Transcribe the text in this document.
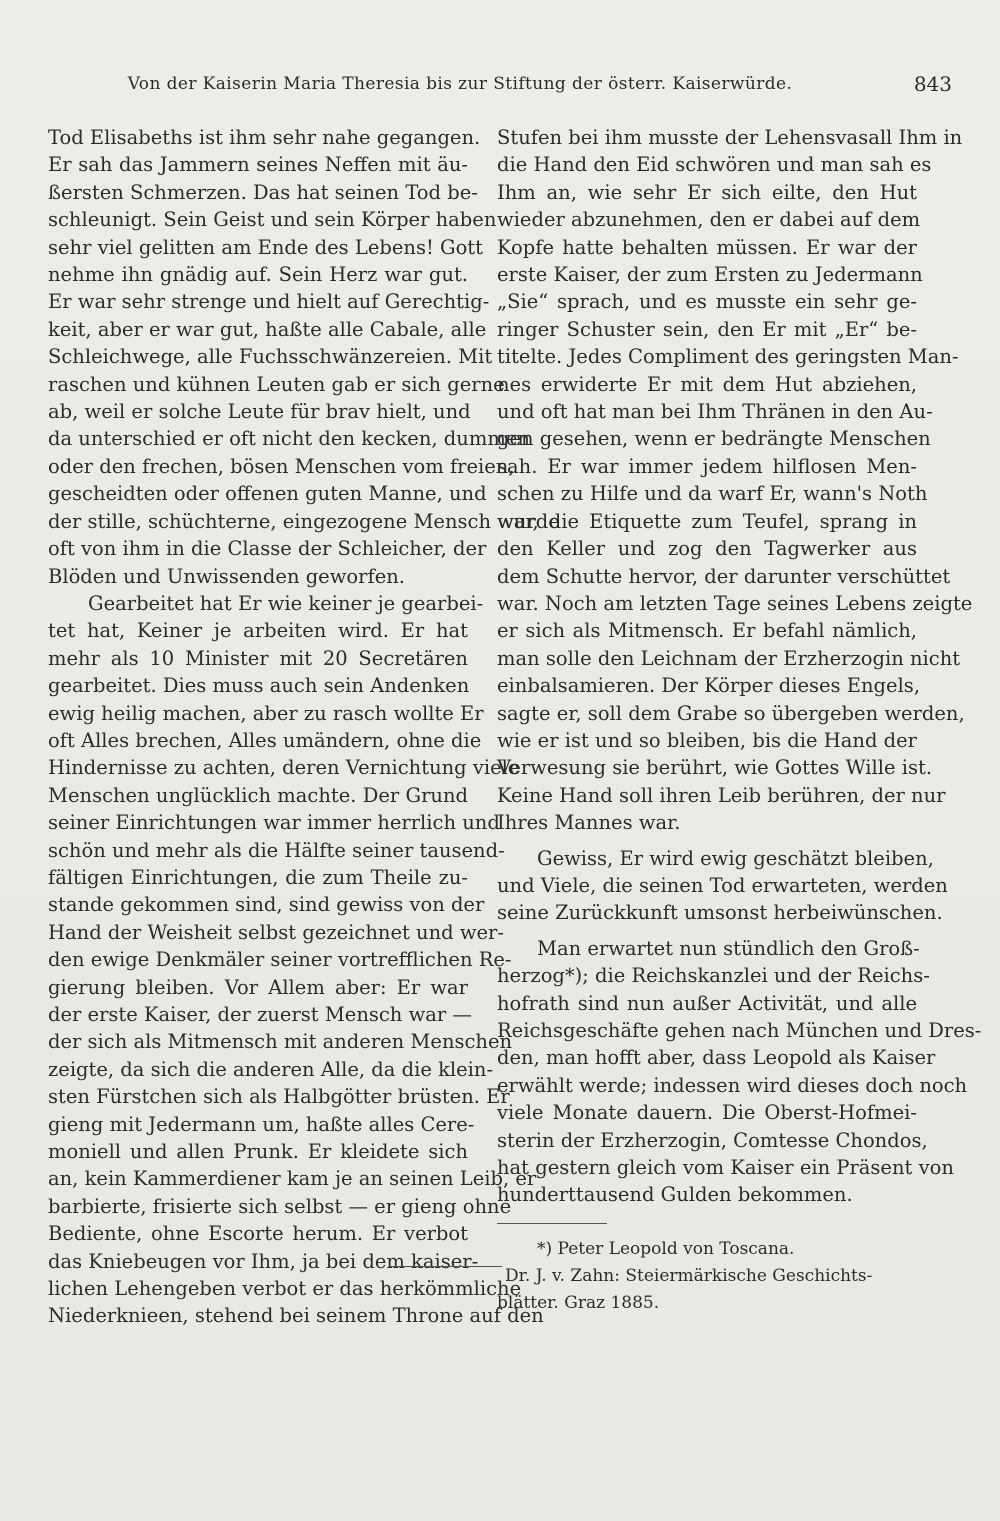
Von der Kaiserin Maria Theresia bis zur Stiftung der österr. Kaiserwürde.	843
Tod Elisabeths ist ihm sehr nahe gegangen.
Er sah das Jammern seines Neffen mit äu-
ßersten Schmerzen. Das hat seinen Tod be-
schleunigt. Sein Geist und sein Körper haben
sehr viel gelitten am Ende des Lebens! Gott
nehme ihn gnädig auf. Sein Herz war gut.
Er war sehr strenge und hielt auf Gerechtig-
keit, aber er war gut, haßte alle Cabale, alle
Schleichwege, alle Fuchsschwänzereien. Mit
raschen und kühnen Leuten gab er sich gerne
ab, weil er solche Leute für brav hielt, und
da unterschied er oft nicht den kecken, dummen
oder den frechen, bösen Menschen vom freien,
gescheidten oder offenen guten Manne, und
der stille, schüchterne, eingezogene Mensch wurde
oft von ihm in die Classe der Schleicher, der
Blöden und Unwissenden geworfen.
Gearbeitet hat Er wie keiner je gearbei-
tet hat, Keiner je arbeiten wird. Er hat
mehr als 10 Minister mit 20 Secretären
gearbeitet. Dies muss auch sein Andenken
ewig heilig machen, aber zu rasch wollte Er
oft Alles brechen, Alles umändern, ohne die
Hindernisse zu achten, deren Vernichtung viele
Menschen unglücklich machte. Der Grund
seiner Einrichtungen war immer herrlich und
schön und mehr als die Hälfte seiner tausend-
fältigen Einrichtungen, die zum Theile zu-
stande gekommen sind, sind gewiss von der
Hand der Weisheit selbst gezeichnet und wer-
den ewige Denkmäler seiner vortrefflichen Re-
gierung bleiben. Vor Allem aber: Er war
der erste Kaiser, der zuerst Mensch war —
der sich als Mitmensch mit anderen Menschen
zeigte, da sich die anderen Alle, da die klein-
sten Fürstchen sich als Halbgötter brüsten. Er
gieng mit Jedermann um, haßte alles Cere-
moniell und allen Prunk. Er kleidete sich
an, kein Kammerdiener kam je an seinen Leib, er
barbierte, frisierte sich selbst — er gieng ohne
Bediente, ohne Escorte herum. Er verbot
das Kniebeugen vor Ihm, ja bei dem kaiser-
lichen Lehengeben verbot er das herkömmliche
Niederknieen, stehend bei seinem Throne auf den
Stufen bei ihm musste der Lehensvasall Ihm in
die Hand den Eid schwören und man sah es
Ihm an, wie sehr Er sich eilte, den Hut
wieder abzunehmen, den er dabei auf dem
Kopfe hatte behalten müssen. Er war der
erste Kaiser, der zum Ersten zu Jedermann
„Sie“ sprach, und es musste ein sehr ge-
ringer Schuster sein, den Er mit „Er“ be-
titelte. Jedes Compliment des geringsten Man-
nes erwiderte Er mit dem Hut abziehen,
und oft hat man bei Ihm Thränen in den Au-
gen gesehen, wenn er bedrängte Menschen
sah. Er war immer jedem hilflosen Men-
schen zu Hilfe und da warf Er, wann's Noth
war, die Etiquette zum Teufel, sprang in
den Keller und zog den Tagwerker aus
dem Schutte hervor, der darunter verschüttet
war. Noch am letzten Tage seines Lebens zeigte
er sich als Mitmensch. Er befahl nämlich,
man solle den Leichnam der Erzherzogin nicht
einbalsamieren. Der Körper dieses Engels,
sagte er, soll dem Grabe so übergeben werden,
wie er ist und so bleiben, bis die Hand der
Verwesung sie berührt, wie Gottes Wille ist.
Keine Hand soll ihren Leib berühren, der nur
Ihres Mannes war.
Gewiss, Er wird ewig geschätzt bleiben,
und Viele, die seinen Tod erwarteten, werden
seine Zurückkunft umsonst herbeiwünschen.
Man erwartet nun stündlich den Groß-
herzog*); die Reichskanzlei und der Reichs-
hofrath sind nun außer Activität, und alle
Reichsgeschäfte gehen nach München und Dres-
den, man hofft aber, dass Leopold als Kaiser
erwählt werde; indessen wird dieses doch noch
viele Monate dauern. Die Oberst-Hofmei-
sterin der Erzherzogin, Comtesse Chondos,
hat gestern gleich vom Kaiser ein Präsent von
hunderttausend Gulden bekommen.
*) Peter Leopold von Toscana.
Dr. J. v. Zahn: Steiermärkische Geschichts-
blätter. Graz 1885.
